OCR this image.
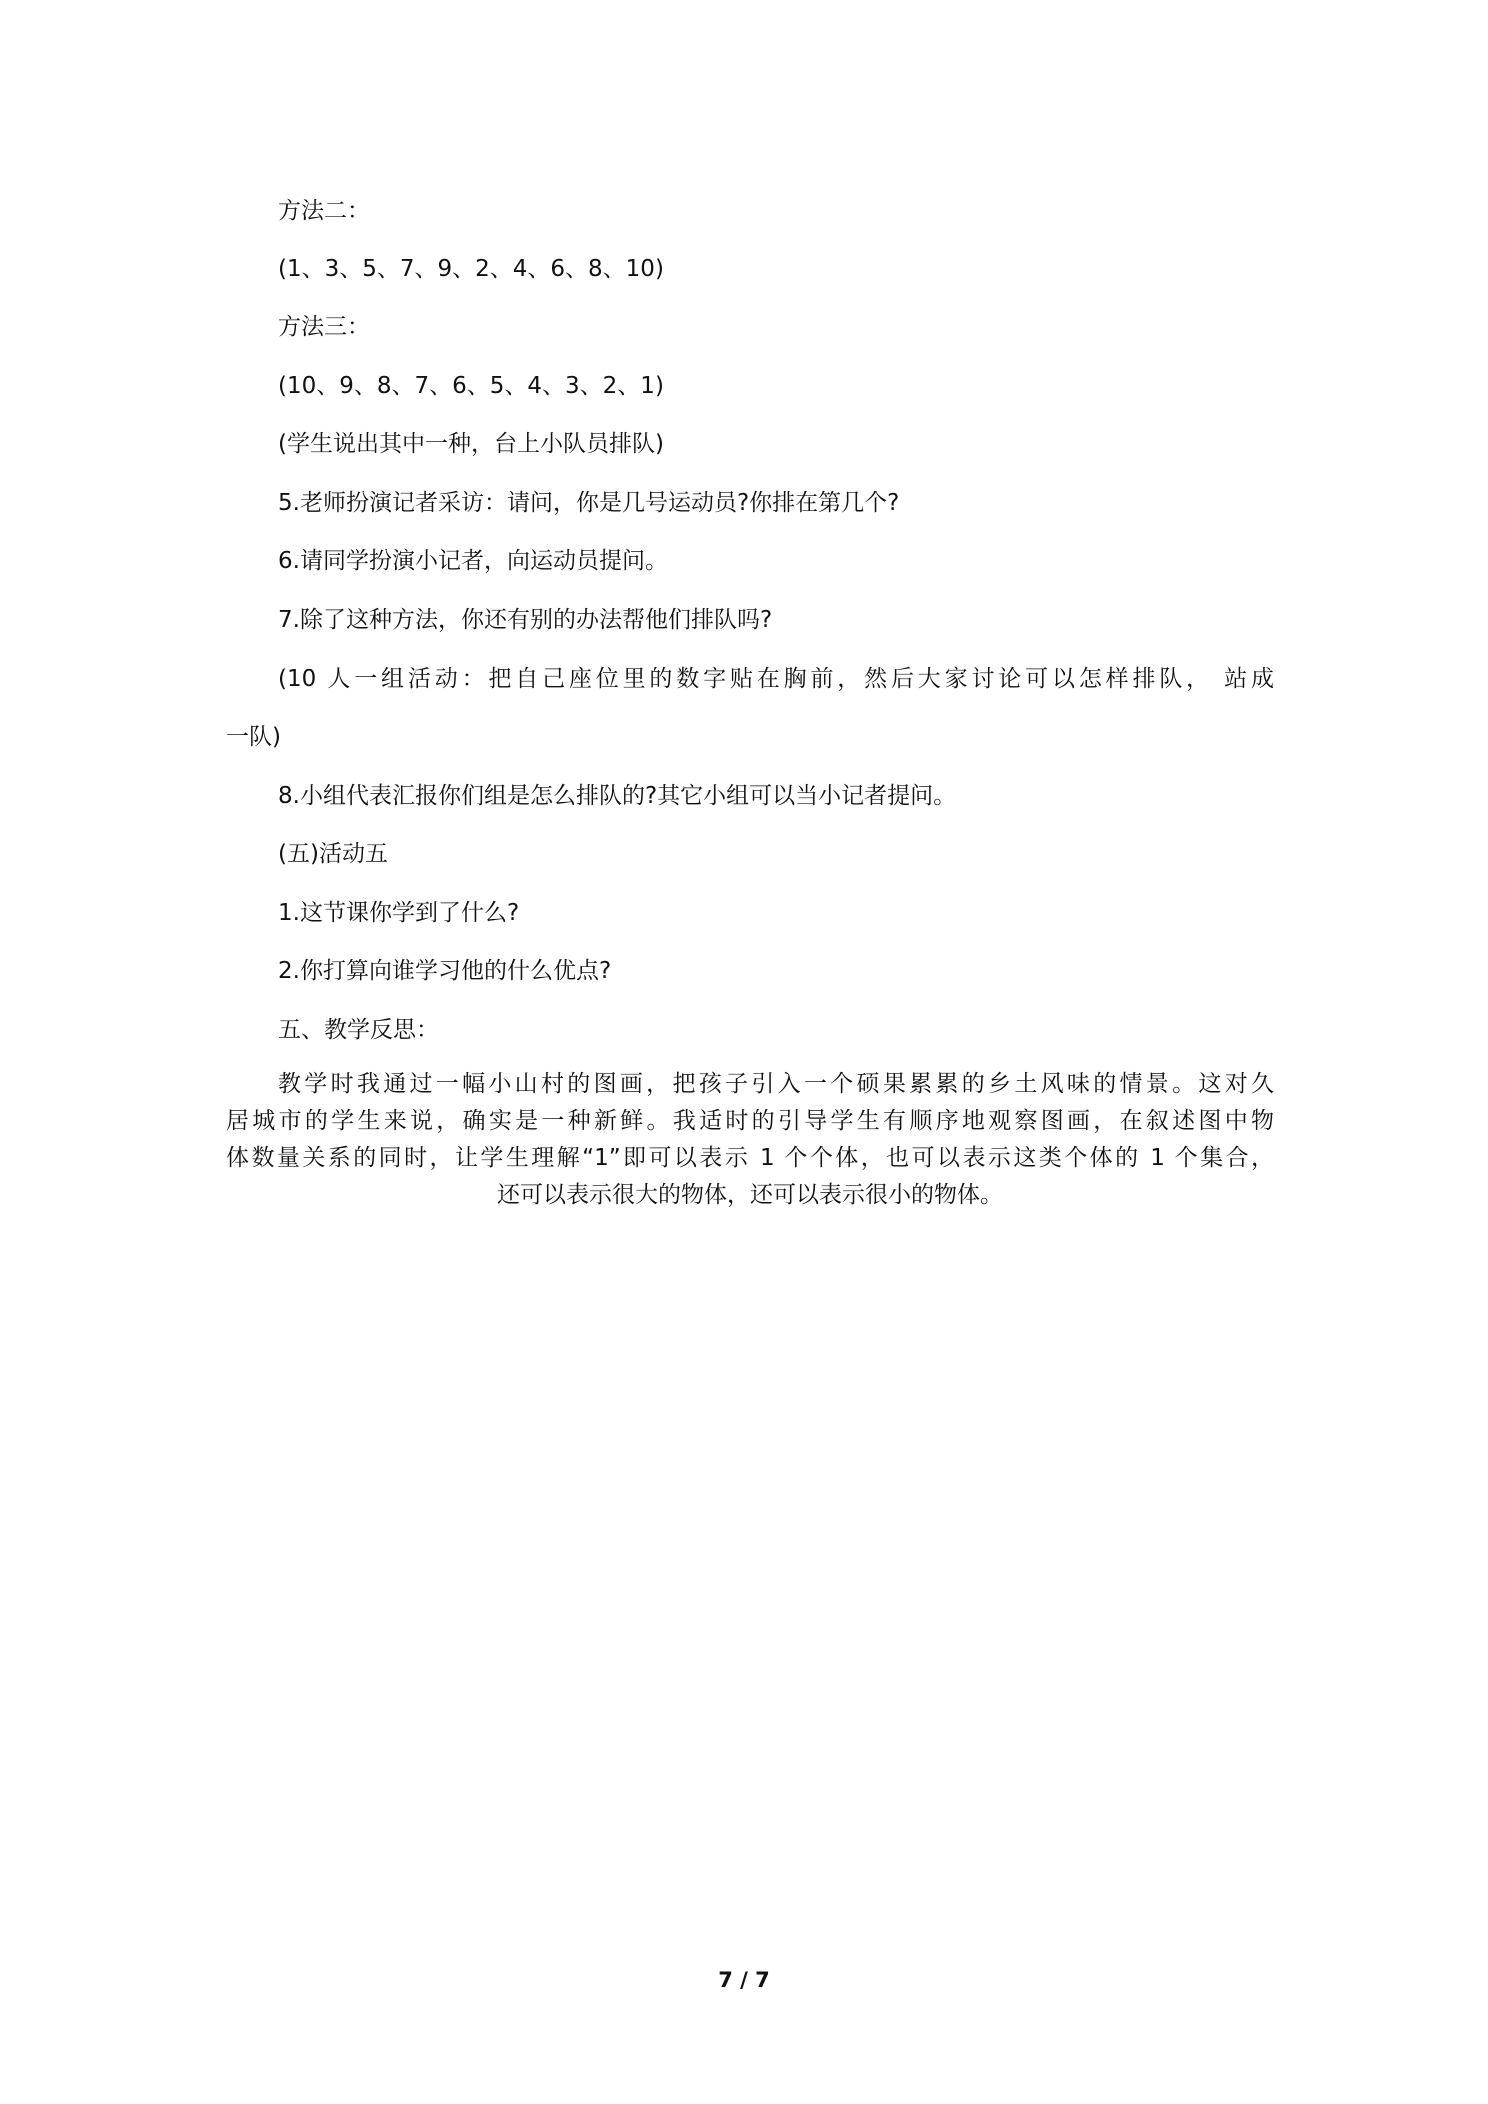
方法二：
(1、3、5、7、9、2、4、6、8、10)
方法三：
(10、9、8、7、6、5、4、3、2、1)
(学生说出其中一种，台上小队员排队)
5.老师扮演记者采访：请问，你是几号运动员?你排在第几个?
6.请同学扮演小记者，向运动员提问。
7.除了这种方法，你还有别的办法帮他们排队吗?
(10 人一组活动：把自己座位里的数字贴在胸前，然后大家讨论可以怎样排队， 站成
一队)
8.小组代表汇报你们组是怎么排队的?其它小组可以当小记者提问。
(五)活动五
1.这节课你学到了什么?
2.你打算向谁学习他的什么优点?
五、教学反思：
教学时我通过一幅小山村的图画，把孩子引入一个硕果累累的乡土风味的情景。这对久
居城市的学生来说，确实是一种新鲜。我适时的引导学生有顺序地观察图画，在叙述图中物
体数量关系的同时，让学生理解“1”即可以表示 1 个个体，也可以表示这类个体的 1 个集合，
还可以表示很大的物体，还可以表示很小的物体。
7 / 7
